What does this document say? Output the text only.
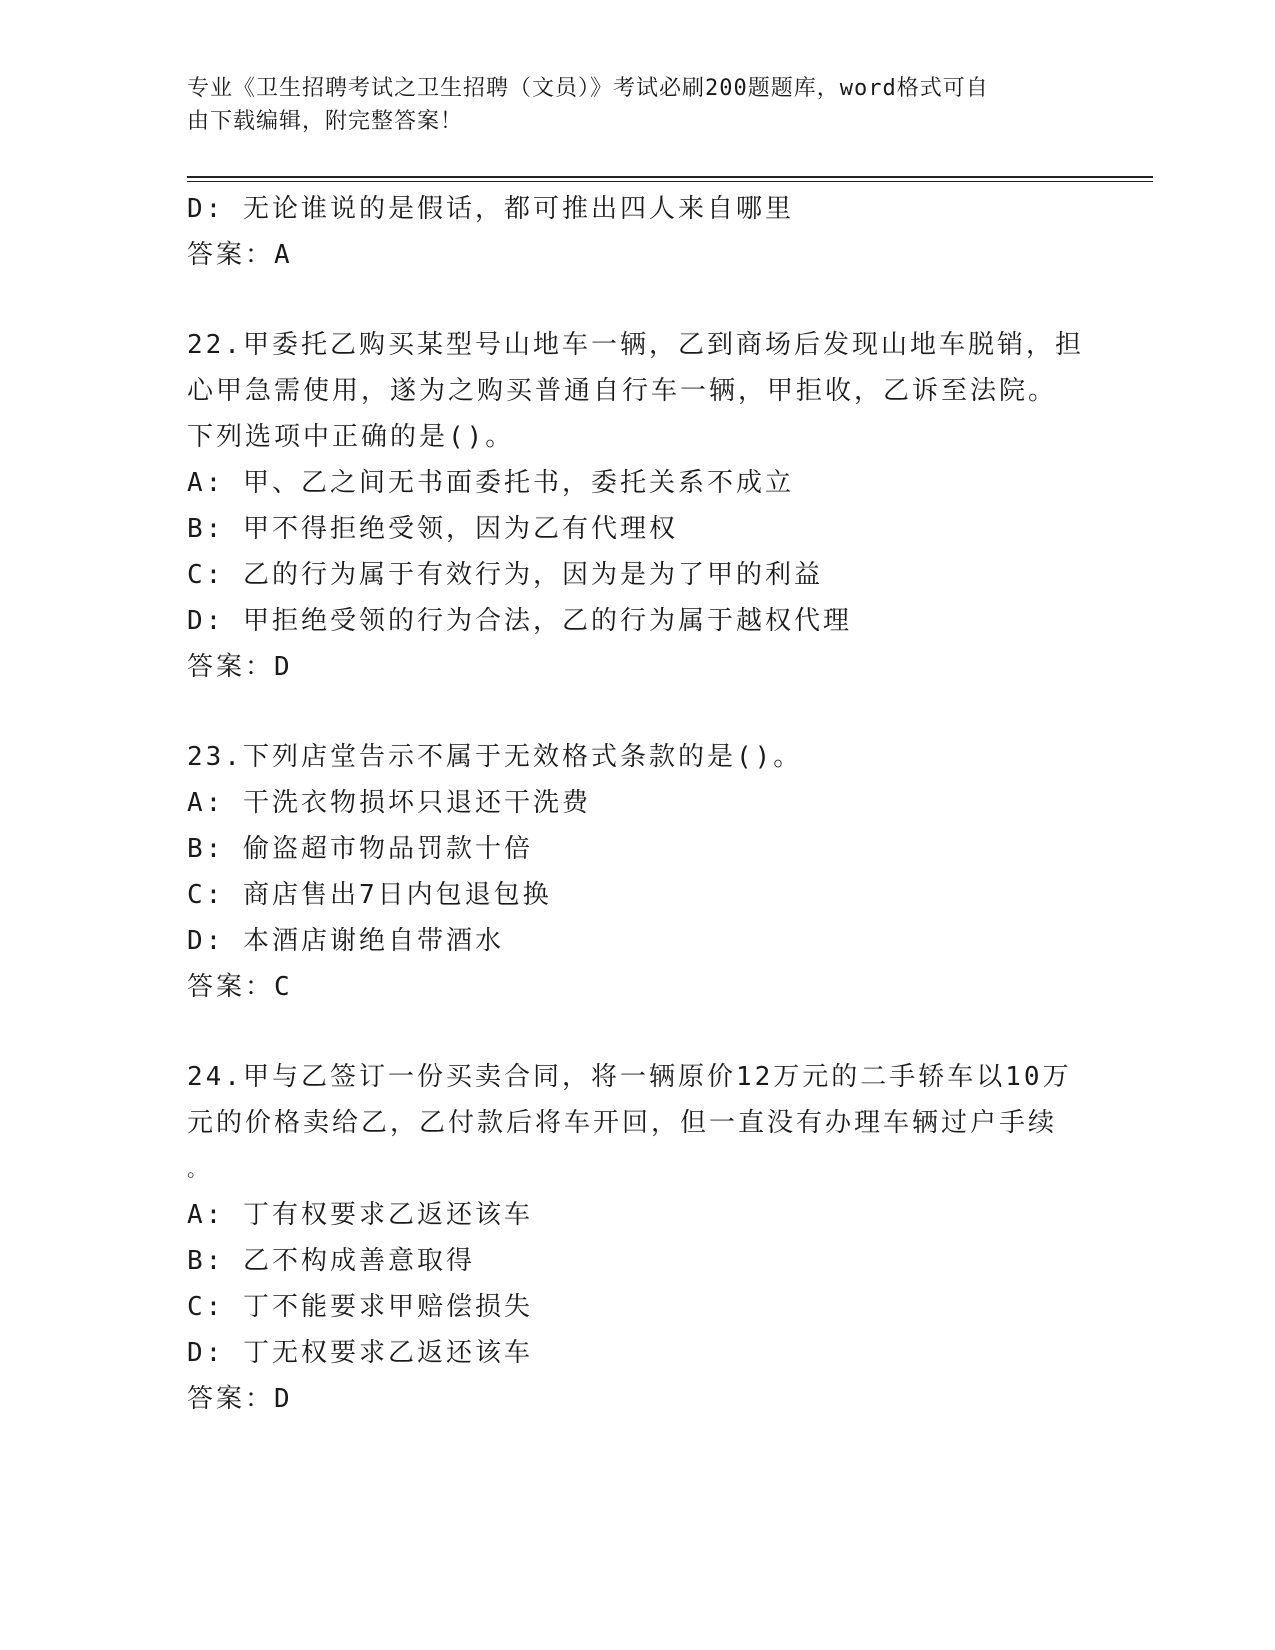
专业《卫生招聘考试之卫生招聘（文员）》考试必刷200题题库，word格式可自
由下载编辑，附完整答案！
D: 无论谁说的是假话，都可推出四人来自哪里
答案：A
22.甲委托乙购买某型号山地车一辆，乙到商场后发现山地车脱销，担
心甲急需使用，遂为之购买普通自行车一辆，甲拒收，乙诉至法院。
下列选项中正确的是()。
A: 甲、乙之间无书面委托书，委托关系不成立
B: 甲不得拒绝受领，因为乙有代理权
C: 乙的行为属于有效行为，因为是为了甲的利益
D: 甲拒绝受领的行为合法，乙的行为属于越权代理
答案：D
23.下列店堂告示不属于无效格式条款的是()。
A: 干洗衣物损坏只退还干洗费
B: 偷盗超市物品罚款十倍
C: 商店售出7日内包退包换
D: 本酒店谢绝自带酒水
答案：C
24.甲与乙签订一份买卖合同，将一辆原价12万元的二手轿车以10万
元的价格卖给乙，乙付款后将车开回，但一直没有办理车辆过户手续
。
A: 丁有权要求乙返还该车
B: 乙不构成善意取得
C: 丁不能要求甲赔偿损失
D: 丁无权要求乙返还该车
答案：D
